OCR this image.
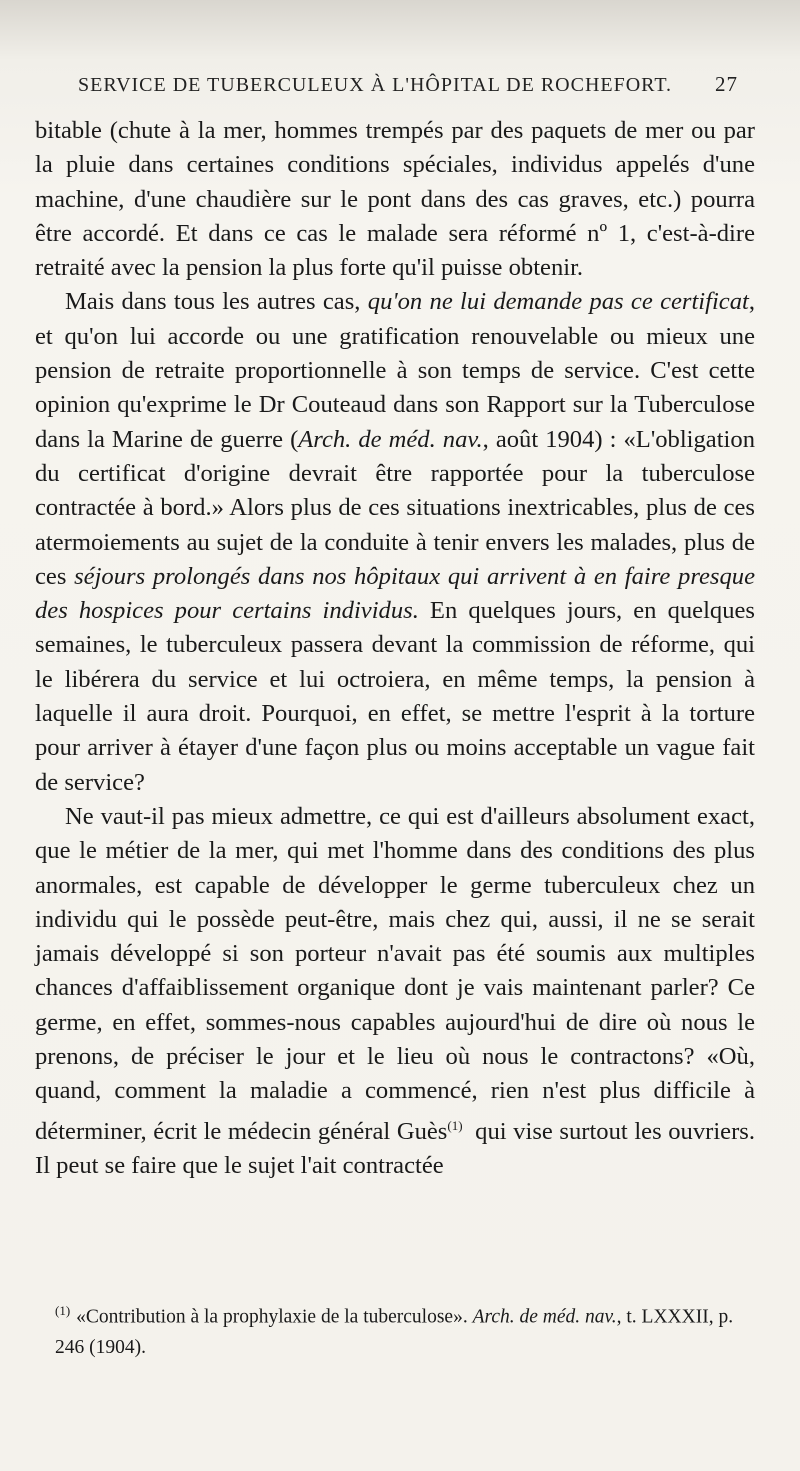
SERVICE DE TUBERCULEUX À L'HÔPITAL DE ROCHEFORT. 27

bitable (chute à la mer, hommes trempés par des paquets de mer ou par la pluie dans certaines conditions spéciales, individus appelés d'une machine, d'une chaudière sur le pont dans des cas graves, etc.) pourra être accordé. Et dans ce cas le malade sera réformé nº 1, c'est-à-dire retraité avec la pension la plus forte qu'il puisse obtenir.

Mais dans tous les autres cas, qu'on ne lui demande pas ce certificat, et qu'on lui accorde ou une gratification renouvelable ou mieux une pension de retraite proportionnelle à son temps de service. C'est cette opinion qu'exprime le Dr Couteaud dans son Rapport sur la Tuberculose dans la Marine de guerre (Arch. de méd. nav., août 1904) : «L'obligation du certificat d'origine devrait être rapportée pour la tuberculose contractée à bord.» Alors plus de ces situations inextricables, plus de ces atermoiements au sujet de la conduite à tenir envers les malades, plus de ces séjours prolongés dans nos hôpitaux qui arrivent à en faire presque des hospices pour certains individus. En quelques jours, en quelques semaines, le tuberculeux passera devant la commission de réforme, qui le libérera du service et lui octroiera, en même temps, la pension à laquelle il aura droit. Pourquoi, en effet, se mettre l'esprit à la torture pour arriver à étayer d'une façon plus ou moins acceptable un vague fait de service?

Ne vaut-il pas mieux admettre, ce qui est d'ailleurs absolument exact, que le métier de la mer, qui met l'homme dans des conditions des plus anormales, est capable de développer le germe tuberculeux chez un individu qui le possède peut-être, mais chez qui, aussi, il ne se serait jamais développé si son porteur n'avait pas été soumis aux multiples chances d'affaiblissement organique dont je vais maintenant parler? Ce germe, en effet, sommes-nous capables aujourd'hui de dire où nous le prenons, de préciser le jour et le lieu où nous le contractons? «Où, quand, comment la maladie a commencé, rien n'est plus difficile à déterminer, écrit le médecin général Guès$^{(1)}$ qui vise surtout les ouvriers. Il peut se faire que le sujet l'ait contractée

$^{(1)}$ «Contribution à la prophylaxie de la tuberculose». Arch. de méd. nav., t. LXXXII, p. 246 (1904).
